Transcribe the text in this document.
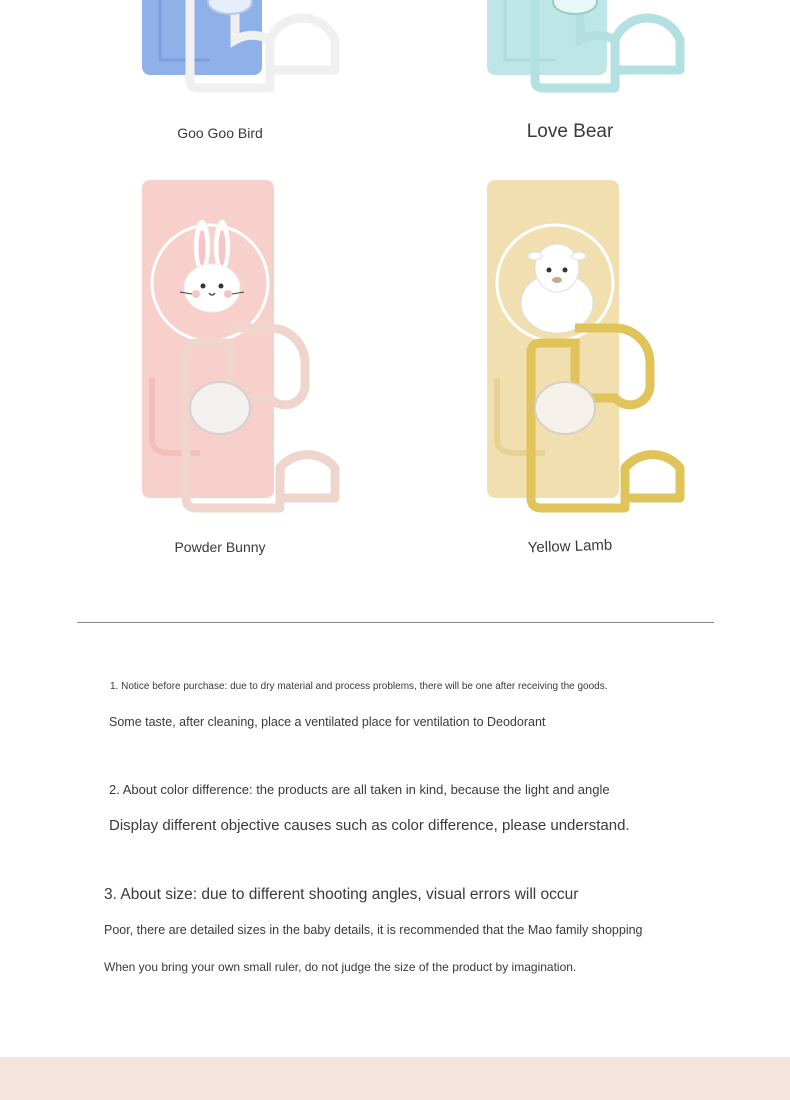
Goo Goo Bird	Love Bear
Powder Bunny	Yellow Lamb
1. Notice before purchase: due to dry material and process problems, there will be one after receiving the goods.
Some taste, after cleaning, place a ventilated place for ventilation to Deodorant
2. About color difference: the products are all taken in kind, because the light and angle
Display different objective causes such as color difference, please understand.
3. About size: due to different shooting angles, visual errors will occur
Poor, there are detailed sizes in the baby details, it is recommended that the Mao family shopping
When you bring your own small ruler, do not judge the size of the product by imagination.
